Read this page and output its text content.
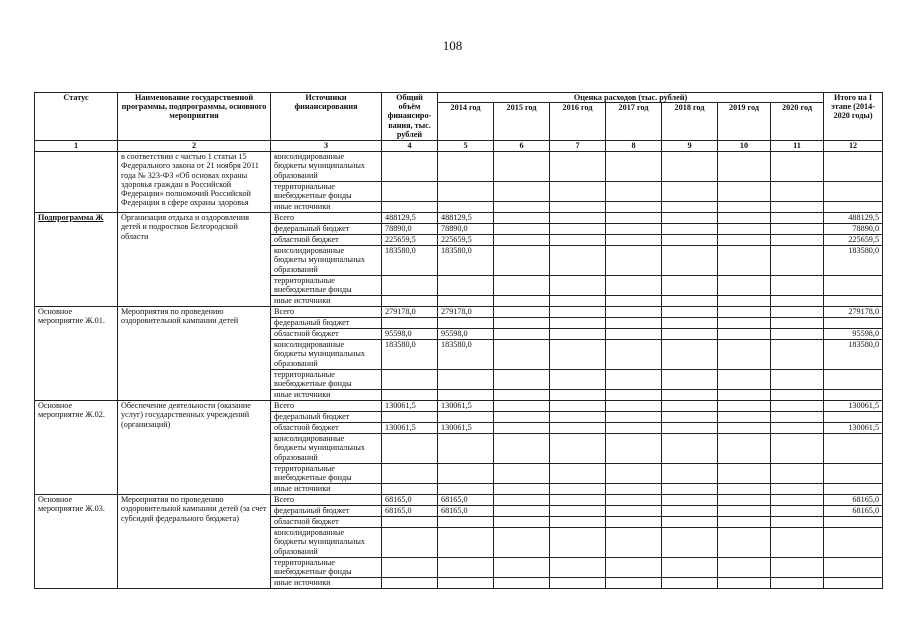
108
Статус	Наименование государственной программы, подпрограммы, основного мероприятия	Источники финансирования	Общий объём финансиро-вания, тыс. рублей	Оценка расходов (тыс. рублей)							Итого на I этапе (2014-2020 годы)
				2014 год	2015 год	2016 год	2017 год	2018 год	2019 год	2020 год	
1	2	3	4	5	6	7	8	9	10	11	12
	в соответствии с частью 1 статьи 15 Федерального закона от 21 ноября 2011 года № 323-ФЗ «Об основах охраны здоровья граждан в Российской Федерации» полномочий Российской Федерации в сфере охраны здоровья	консолидированные бюджеты муниципальных образований									
		территориальные внебюджетные фонды									
		иные источники									
Подпрограмма Ж	Организация отдыха и оздоровления детей и подростков Белгородской области	Всего	488129,5	488129,5							488129,5
		федеральный бюджет	78890,0	78890,0							78890,0
		областной бюджет	225659,5	225659,5							225659,5
		консолидированные бюджеты муниципальных образований	183580,0	183580,0							183580,0
		территориальные внебюджетные фонды									
		иные источники									
Основное мероприятие Ж.01.	Мероприятия по проведению оздоровительной кампании детей	Всего	279178,0	279178,0							279178,0
		федеральный бюджет									
		областной бюджет	95598,0	95598,0							95598,0
		консолидированные бюджеты муниципальных образований	183580,0	183580,0							183580,0
		территориальные внебюджетные фонды									
		иные источники									
Основное мероприятие Ж.02.	Обеспечение деятельности (оказание услуг) государственных учреждений (организаций)	Всего	130061,5	130061,5							130061,5
		федеральный бюджет									
		областной бюджет	130061,5	130061,5							130061,5
		консолидированные бюджеты муниципальных образований									
		территориальные внебюджетные фонды									
		иные источники									
Основное мероприятие Ж.03.	Мероприятия по проведению оздоровительной кампании детей (за счет субсидий федерального бюджета)	Всего	68165,0	68165,0							68165,0
		федеральный бюджет	68165,0	68165,0							68165,0
		областной бюджет									
		консолидированные бюджеты муниципальных образований									
		территориальные внебюджетные фонды									
		иные источники									
